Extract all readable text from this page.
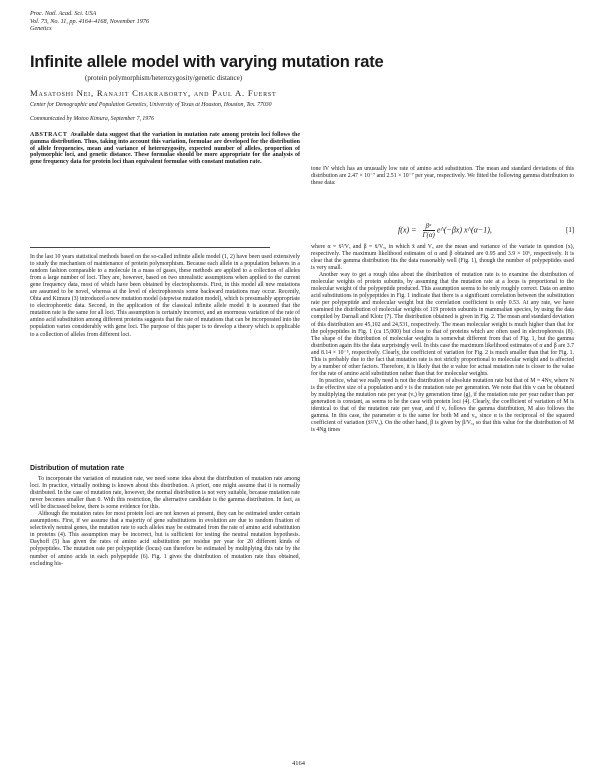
Proc. Natl. Acad. Sci. USA
Vol. 73, No. 11, pp. 4164–4168, November 1976
Genetics
Infinite allele model with varying mutation rate
(protein polymorphism/heterozygosity/genetic distance)
Masatoshi Nei, Ranajit Chakraborty, and Paul A. Fuerst
Center for Demographic and Population Genetics, University of Texas at Houston, Houston, Tex. 77030
Communicated by Motoo Kimura, September 7, 1976
ABSTRACT Available data suggest that the variation in mutation rate among protein loci follows the gamma distribution. Thus, taking into account this variation, formulae are developed for the distribution of allele frequencies, mean and variance of heterozygosity, expected number of alleles, proportion of polymorphic loci, and genetic distance. These formulae should be more appropriate for the analysis of gene frequency data for protein loci than equivalent formulae with constant mutation rate.

In the last 10 years statistical methods based on the so-called infinite allele model (1, 2) have been used extensively to study the mechanism of maintenance of protein polymorphism. Because each allele in a population behaves in a random fashion comparable to a molecule in a mass of gases, these methods are applied to a collection of alleles from a large number of loci. They are, however, based on two unrealistic assumptions when applied to the current gene frequency data, most of which have been obtained by electrophoresis. First, in this model all new mutations are assumed to be novel, whereas at the level of electrophoresis some backward mutations may occur. Recently, Ohta and Kimura (3) introduced a new mutation model (stepwise mutation model), which is presumably appropriate to electrophoretic data. Second, in the application of the classical infinite allele model it is assumed that the mutation rate is the same for all loci. This assumption is certainly incorrect, and an enormous variation of the rate of amino acid substitution among different proteins suggests that the rate of mutations that can be incorporated into the population varies considerably with gene loci. The purpose of this paper is to develop a theory which is applicable to a collection of alleles from different loci.

Distribution of mutation rate

To incorporate the variation of mutation rate, we need some idea about the distribution of mutation rate among loci. In practice, virtually nothing is known about this distribution. A priori, one might assume that it is normally distributed. In the case of mutation rate, however, the normal distribution is not very suitable, because mutation rate never becomes smaller than 0. With this restriction, the alternative candidate is the gamma distribution. In fact, as will be discussed below, there is some evidence for this.

Although the mutation rates for most protein loci are not known at present, they can be estimated under certain assumptions. First, if we assume that a majority of gene substitutions in evolution are due to random fixation of selectively neutral genes, the mutation rate to such alleles may be estimated from the rate of amino acid substitution in proteins (4). This assumption may be incorrect, but is sufficient for testing the neutral mutation hypothesis. Dayhoff (5) has given the rates of amino acid substitution per residue per year for 20 different kinds of polypeptides. The mutation rate per polypeptide (locus) can therefore be estimated by multiplying this rate by the number of amino acids in each polypeptide (6). Fig. 1 gives the distribution of mutation rate thus obtained, excluding his-

tone IV which has an unusually low rate of amino acid substitution. The mean and standard deviations of this distribution are 2.47 × 10⁻⁷ and 2.51 × 10⁻⁷ per year, respectively. We fitted the following gamma distribution to these data:

$f(x) = \frac{\text{βᵅ}}{\Gamma(\alpha)}$ e^(−βx) x^(α−1),	[1]

where α = x̄²/Vₓ and β = x̄/Vₓ, in which x̄ and Vₓ are the mean and variance of the variate in question (x), respectively. The maximum likelihood estimates of α and β obtained are 0.95 and 3.9 × 10⁶, respectively. It is clear that the gamma distribution fits the data reasonably well (Fig. 1), though the number of polypeptides used is very small.

Another way to get a rough idea about the distribution of mutation rate is to examine the distribution of molecular weights of protein subunits, by assuming that the mutation rate at a locus is proportional to the molecular weight of the polypeptide produced. This assumption seems to be only roughly correct. Data on amino acid substitutions in polypeptides in Fig. 1 indicate that there is a significant correlation between the substitution rate per polypeptide and molecular weight but the correlation coefficient is only 0.53. At any rate, we have examined the distribution of molecular weights of 119 protein subunits in mammalian species, by using the data compiled by Darnall and Klotz (7). The distribution obtained is given in Fig. 2. The mean and standard deviation of this distribution are 45,102 and 24,531, respectively. The mean molecular weight is much higher than that for the polypeptides in Fig. 1 (ca 15,000) but close to that of proteins which are often used in electrophoresis (8). The shape of the distribution of molecular weights is somewhat different from that of Fig. 1, but the gamma distribution again fits the data surprisingly well. In this case the maximum likelihood estimates of α and β are 3.7 and 8.14 × 10⁻⁵, respectively. Clearly, the coefficient of variation for Fig. 2 is much smaller than that for Fig. 1. This is probably due to the fact that mutation rate is not strictly proportional to molecular weight and is affected by a number of other factors. Therefore, it is likely that the α value for actual mutation rate is closer to the value for the rate of amino acid substitution rather than that for molecular weights.

In practice, what we really need is not the distribution of absolute mutation rate but that of M = 4Nv, where N is the effective size of a population and v is the mutation rate per generation. We note that this v can be obtained by multiplying the mutation rate per year (vᵧ) by generation time (g), if the mutation rate per year rather than per generation is constant, as seems to be the case with protein loci (4). Clearly, the coefficient of variation of M is identical to that of the mutation rate per year, and if vᵧ follows the gamma distribution, M also follows the gamma. In this case, the parameter α is the same for both M and vᵧ, since α is the reciprocal of the squared coefficient of variation (x̄²/Vₓ). On the other hand, β is given by β/Vₓ, so that this value for the distribution of M is 4Ng times

4164
